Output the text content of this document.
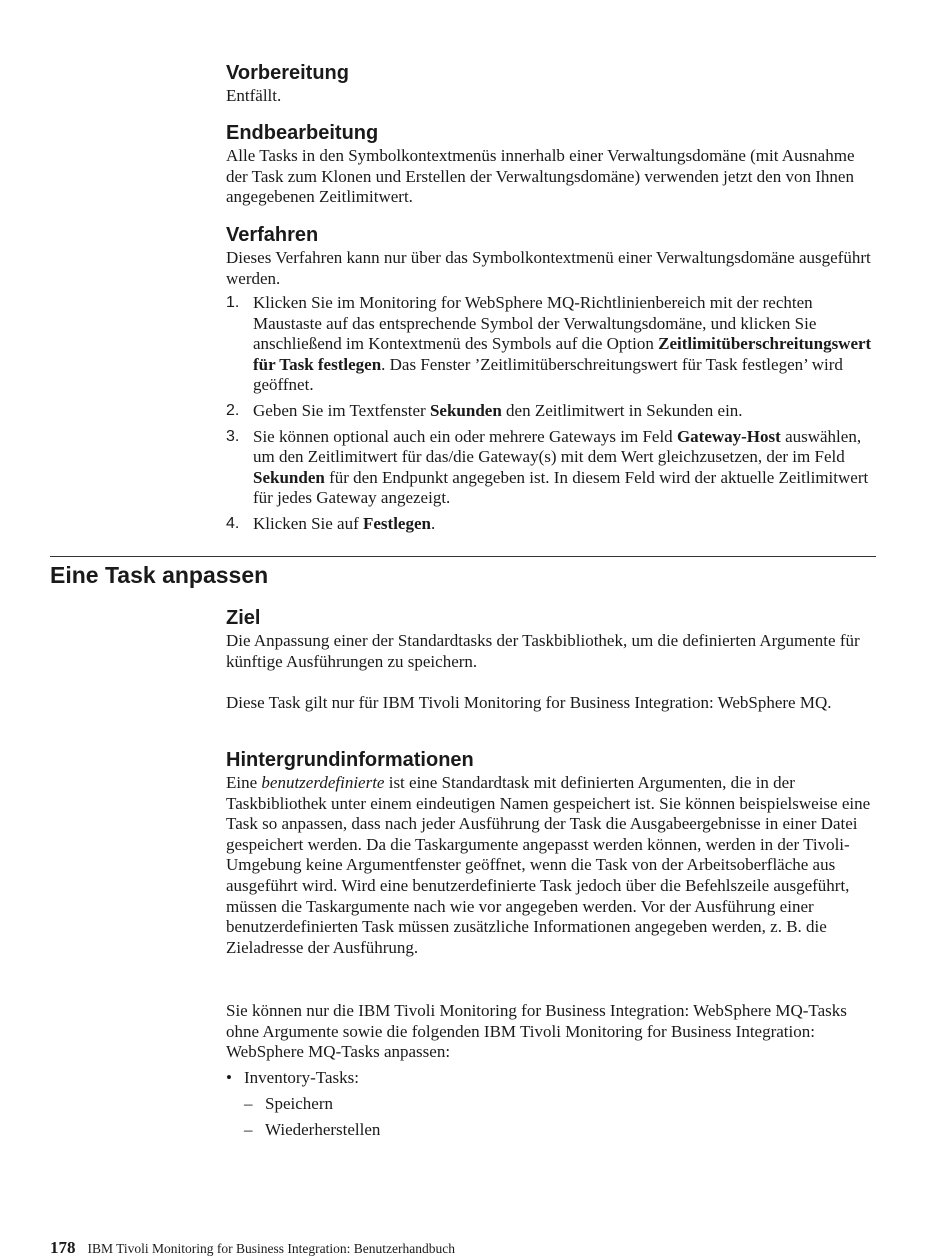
Vorbereitung

Entfällt.

Endbearbeitung

Alle Tasks in den Symbolkontextmenüs innerhalb einer Verwaltungsdomäne (mit Ausnahme der Task zum Klonen und Erstellen der Verwaltungsdomäne) verwenden jetzt den von Ihnen angegebenen Zeitlimitwert.

Verfahren

Dieses Verfahren kann nur über das Symbolkontextmenü einer Verwaltungsdomäne ausgeführt werden.

1. Klicken Sie im Monitoring for WebSphere MQ-Richtlinienbereich mit der rechten Maustaste auf das entsprechende Symbol der Verwaltungsdomäne, und klicken Sie anschließend im Kontextmenü des Symbols auf die Option Zeitlimitüberschreitungswert für Task festlegen. Das Fenster ’Zeitlimitüberschreitungswert für Task festlegen’ wird geöffnet.
2. Geben Sie im Textfenster Sekunden den Zeitlimitwert in Sekunden ein.
3. Sie können optional auch ein oder mehrere Gateways im Feld Gateway-Host auswählen, um den Zeitlimitwert für das/die Gateway(s) mit dem Wert gleichzusetzen, der im Feld Sekunden für den Endpunkt angegeben ist. In diesem Feld wird der aktuelle Zeitlimitwert für jedes Gateway angezeigt.
4. Klicken Sie auf Festlegen.
Eine Task anpassen
Ziel

Die Anpassung einer der Standardtasks der Taskbibliothek, um die definierten Argumente für künftige Ausführungen zu speichern.

Diese Task gilt nur für IBM Tivoli Monitoring for Business Integration: WebSphere MQ.

Hintergrundinformationen

Eine benutzerdefinierte ist eine Standardtask mit definierten Argumenten, die in der Taskbibliothek unter einem eindeutigen Namen gespeichert ist. Sie können beispielsweise eine Task so anpassen, dass nach jeder Ausführung der Task die Ausgabeergebnisse in einer Datei gespeichert werden. Da die Taskargumente angepasst werden können, werden in der Tivoli-Umgebung keine Argumentfenster geöffnet, wenn die Task von der Arbeitsoberfläche aus ausgeführt wird. Wird eine benutzerdefinierte Task jedoch über die Befehlszeile ausgeführt, müssen die Taskargumente nach wie vor angegeben werden. Vor der Ausführung einer benutzerdefinierten Task müssen zusätzliche Informationen angegeben werden, z. B. die Zieladresse der Ausführung.

Sie können nur die IBM Tivoli Monitoring for Business Integration: WebSphere MQ-Tasks ohne Argumente sowie die folgenden IBM Tivoli Monitoring for Business Integration: WebSphere MQ-Tasks anpassen:

• Inventory-Tasks:
– Speichern
– Wiederherstellen
178 IBM Tivoli Monitoring for Business Integration: Benutzerhandbuch
